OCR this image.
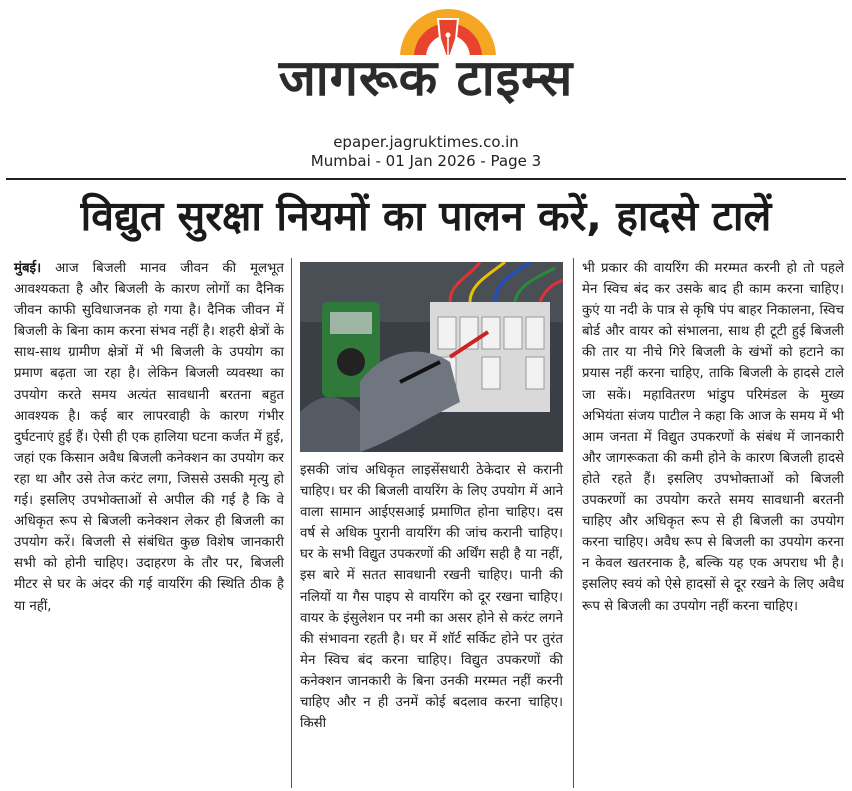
जागरूक टाइम्स
epaper.jagruktimes.co.in
Mumbai - 01 Jan 2026 - Page 3
विद्युत सुरक्षा नियमों का पालन करें, हादसे टालें
मुंबई। आज बिजली मानव जीवन की मूलभूत आवश्यकता है और बिजली के कारण लोगों का दैनिक जीवन काफी सुविधाजनक हो गया है। दैनिक जीवन में बिजली के बिना काम करना संभव नहीं है। शहरी क्षेत्रों के साथ-साथ ग्रामीण क्षेत्रों में भी बिजली के उपयोग का प्रमाण बढ़ता जा रहा है। लेकिन बिजली व्यवस्था का उपयोग करते समय अत्यंत सावधानी बरतना बहुत आवश्यक है। कई बार लापरवाही के कारण गंभीर दुर्घटनाएं हुई हैं। ऐसी ही एक हालिया घटना कर्जत में हुई, जहां एक किसान अवैध बिजली कनेक्शन का उपयोग कर रहा था और उसे तेज करंट लगा, जिससे उसकी मृत्यु हो गई। इसलिए उपभोक्ताओं से अपील की गई है कि वे अधिकृत रूप से बिजली कनेक्शन लेकर ही बिजली का उपयोग करें। बिजली से संबंधित कुछ विशेष जानकारी सभी को होनी चाहिए। उदाहरण के तौर पर, बिजली मीटर से घर के अंदर की गई वायरिंग की स्थिति ठीक है या नहीं,
इसकी जांच अधिकृत लाइसेंसधारी ठेकेदार से करानी चाहिए। घर की बिजली वायरिंग के लिए उपयोग में आने वाला सामान आईएसआई प्रमाणित होना चाहिए। दस वर्ष से अधिक पुरानी वायरिंग की जांच करानी चाहिए। घर के सभी विद्युत उपकरणों की अर्थिंग सही है या नहीं, इस बारे में सतत सावधानी रखनी चाहिए। पानी की नलियों या गैस पाइप से वायरिंग को दूर रखना चाहिए। वायर के इंसुलेशन पर नमी का असर होने से करंट लगने की संभावना रहती है। घर में शॉर्ट सर्किट होने पर तुरंत मेन स्विच बंद करना चाहिए। विद्युत उपकरणों की कनेक्शन जानकारी के बिना उनकी मरम्मत नहीं करनी चाहिए और न ही उनमें कोई बदलाव करना चाहिए। किसी
भी प्रकार की वायरिंग की मरम्मत करनी हो तो पहले मेन स्विच बंद कर उसके बाद ही काम करना चाहिए। कुएं या नदी के पात्र से कृषि पंप बाहर निकालना, स्विच बोर्ड और वायर को संभालना, साथ ही टूटी हुई बिजली की तार या नीचे गिरे बिजली के खंभों को हटाने का प्रयास नहीं करना चाहिए, ताकि बिजली के हादसे टाले जा सकें। महावितरण भांडुप परिमंडल के मुख्य अभियंता संजय पाटील ने कहा कि आज के समय में भी आम जनता में विद्युत उपकरणों के संबंध में जानकारी और जागरूकता की कमी होने के कारण बिजली हादसे होते रहते हैं। इसलिए उपभोक्ताओं को बिजली उपकरणों का उपयोग करते समय सावधानी बरतनी चाहिए और अधिकृत रूप से ही बिजली का उपयोग करना चाहिए। अवैध रूप से बिजली का उपयोग करना न केवल खतरनाक है, बल्कि यह एक अपराध भी है। इसलिए स्वयं को ऐसे हादसों से दूर रखने के लिए अवैध रूप से बिजली का उपयोग नहीं करना चाहिए।
